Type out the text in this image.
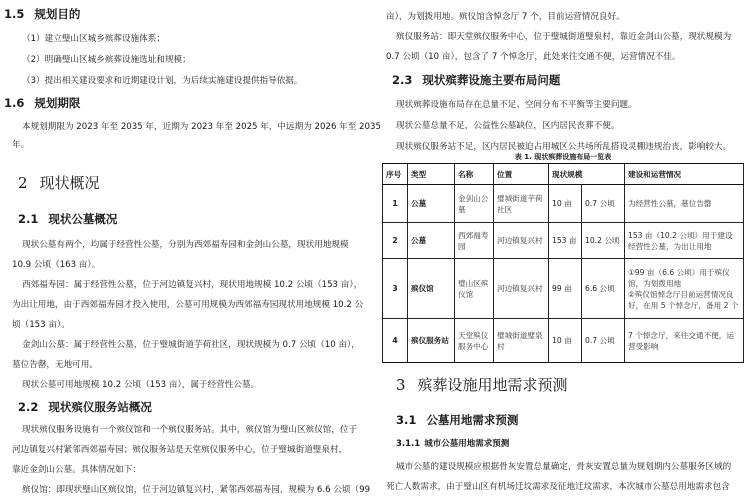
1.5 规划目的
（1）建立璧山区城乡殡葬设施体系；
（2）明确璧山区城乡殡葬设施选址和规模；
（3）提出相关建设要求和近期建设计划，为后续实施建设提供指导依据。
1.6 规划期限
本规划期限为 2023 年至 2035 年，近期为 2023 年至 2025 年，中远期为 2026 年至 2035
年。
2 现状概况
2.1 现状公墓概况
现状公墓有两个，均属于经营性公墓，分别为西郊福寿园和金剑山公墓，现状用地规模
10.9 公顷（163 亩）。
西郊福寿园：属于经营性公墓，位于河边镇复兴村，现状用地规模 10.2 公顷（153 亩），
为出让用地，由于西郊福寿园才投入使用，公墓可用规模为西郊福寿园现状用地规模 10.2 公
顷（153 亩）。
金剑山公墓：属于经营性公墓，位于璧城街道芋荷社区，现状规模为 0.7 公顷（10 亩），
墓位告罄，无地可用。
现状公墓可用地规模 10.2 公顷（153 亩），属于经营性公墓。
2.2 现状殡仪服务站概况
现状殡仪服务设施有一个殡仪馆和一个殡仪服务站。其中，殡仪馆为璧山区殡仪馆，位于
河边镇复兴村紧邻西郊福寿园；殡仪服务站是天堂殡仪服务中心，位于璧城街道璧泉村，
靠近金剑山公墓。具体情况如下：
殡仪馆：即现状璧山区殡仪馆，位于河边镇复兴村，紧邻西郊福寿园，规模为 6.6 公顷（99
亩），为划拨用地。殡仪馆含悼念厅 7 个，目前运营情况良好。
殡仪服务站：即天堂殡仪服务中心，位于璧城街道璧泉村，靠近金剑山公墓，现状规模为
0.7 公顷（10 亩），包含了 7 个悼念厅，此处来往交通不便，运营情况不佳。
2.3 现状殡葬设施主要布局问题
现状殡葬设施布局存在总量不足、空间分布不平衡等主要问题。
现状公墓总量不足，公益性公墓缺位，区内居民丧葬不便。
现状殡仪服务站不足，区内居民被迫占用城区公共场所乱搭设灵棚违规治丧，影响较大。
表 1. 现状殡葬设施布局一览表
序号	类型	名称	位置	现状规模		建设和运营情况
1	公墓	金剑山公墓	璧城街道芋荷社区	10 亩	0.7 公顷	为经营性公墓，墓位告罄
2	公墓	西郊福寿园	河边镇复兴村	153 亩	10.2 公顷	153 亩（10.2 公顷）用于建设经营性公墓，为出让用地
3	殡仪馆	璧山区殡仪馆	河边镇复兴村	99 亩	6.6 公顷	①99 亩（6.6 公顷）用于殡仪馆，为划拨用地
②殡仪馆悼念厅目前运营情况良好，在用 5 个悼念厅，备用 2 个
4	殡仪服务站	天堂殡仪服务中心	璧城街道璧泉村	10 亩	0.7 公顷	7 个悼念厅，来往交通不便，运营受影响
3 殡葬设施用地需求预测
3.1 公墓用地需求预测
3.1.1 城市公墓用地需求预测
城市公墓的建设规模应根据骨灰安置总量确定，骨灰安置总量为规划期内公墓服务区域的
死亡人数需求，由于璧山区有机场迁坟需求及征地迁坟需求，本次城市公墓总用地需求包含
